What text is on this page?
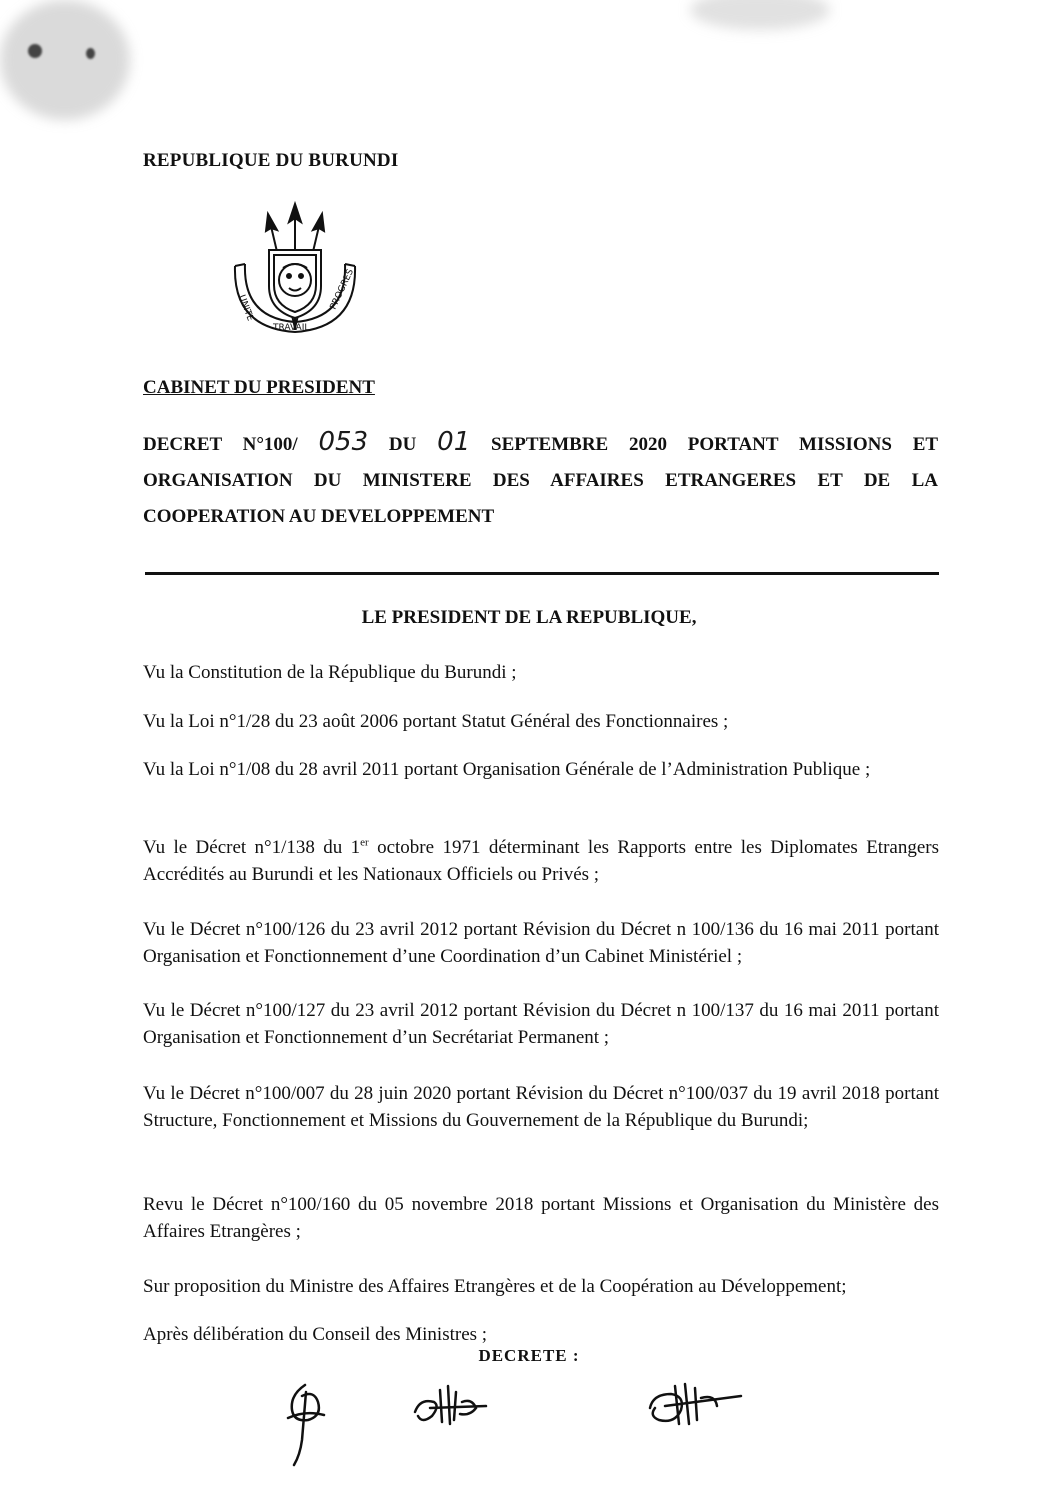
REPUBLIQUE DU BURUNDI
UNITE
TRAVAIL
PROGRES
CABINET DU PRESIDENT
DECRET N°100/ 053 DU 01 SEPTEMBRE 2020 PORTANT MISSIONS ET ORGANISATION DU MINISTERE DES AFFAIRES ETRANGERES ET DE LA COOPERATION AU DEVELOPPEMENT
LE PRESIDENT DE LA REPUBLIQUE,
Vu la Constitution de la République du Burundi ;
Vu la Loi n°1/28 du 23 août 2006 portant Statut Général des Fonctionnaires ;
Vu la Loi n°1/08 du 28 avril 2011 portant Organisation Générale de l’Administration Publique ;
Vu le Décret n°1/138 du 1er octobre 1971 déterminant les Rapports entre les Diplomates Etrangers Accrédités au Burundi et les Nationaux Officiels ou Privés ;
Vu le Décret n°100/126 du 23 avril 2012 portant Révision du Décret n 100/136 du 16 mai 2011 portant Organisation et Fonctionnement d’une Coordination d’un Cabinet Ministériel ;
Vu le Décret n°100/127 du 23 avril 2012 portant Révision du Décret n 100/137 du 16 mai 2011 portant Organisation et Fonctionnement d’un Secrétariat Permanent ;
Vu le Décret n°100/007 du 28 juin 2020 portant Révision du Décret n°100/037 du 19 avril 2018 portant Structure, Fonctionnement et Missions du Gouvernement de la République du Burundi;
Revu le Décret n°100/160 du 05 novembre 2018 portant Missions et Organisation du Ministère des Affaires Etrangères ;
Sur proposition du Ministre des Affaires Etrangères et de la Coopération au Développement;
Après délibération du Conseil des Ministres ;
DECRETE :
